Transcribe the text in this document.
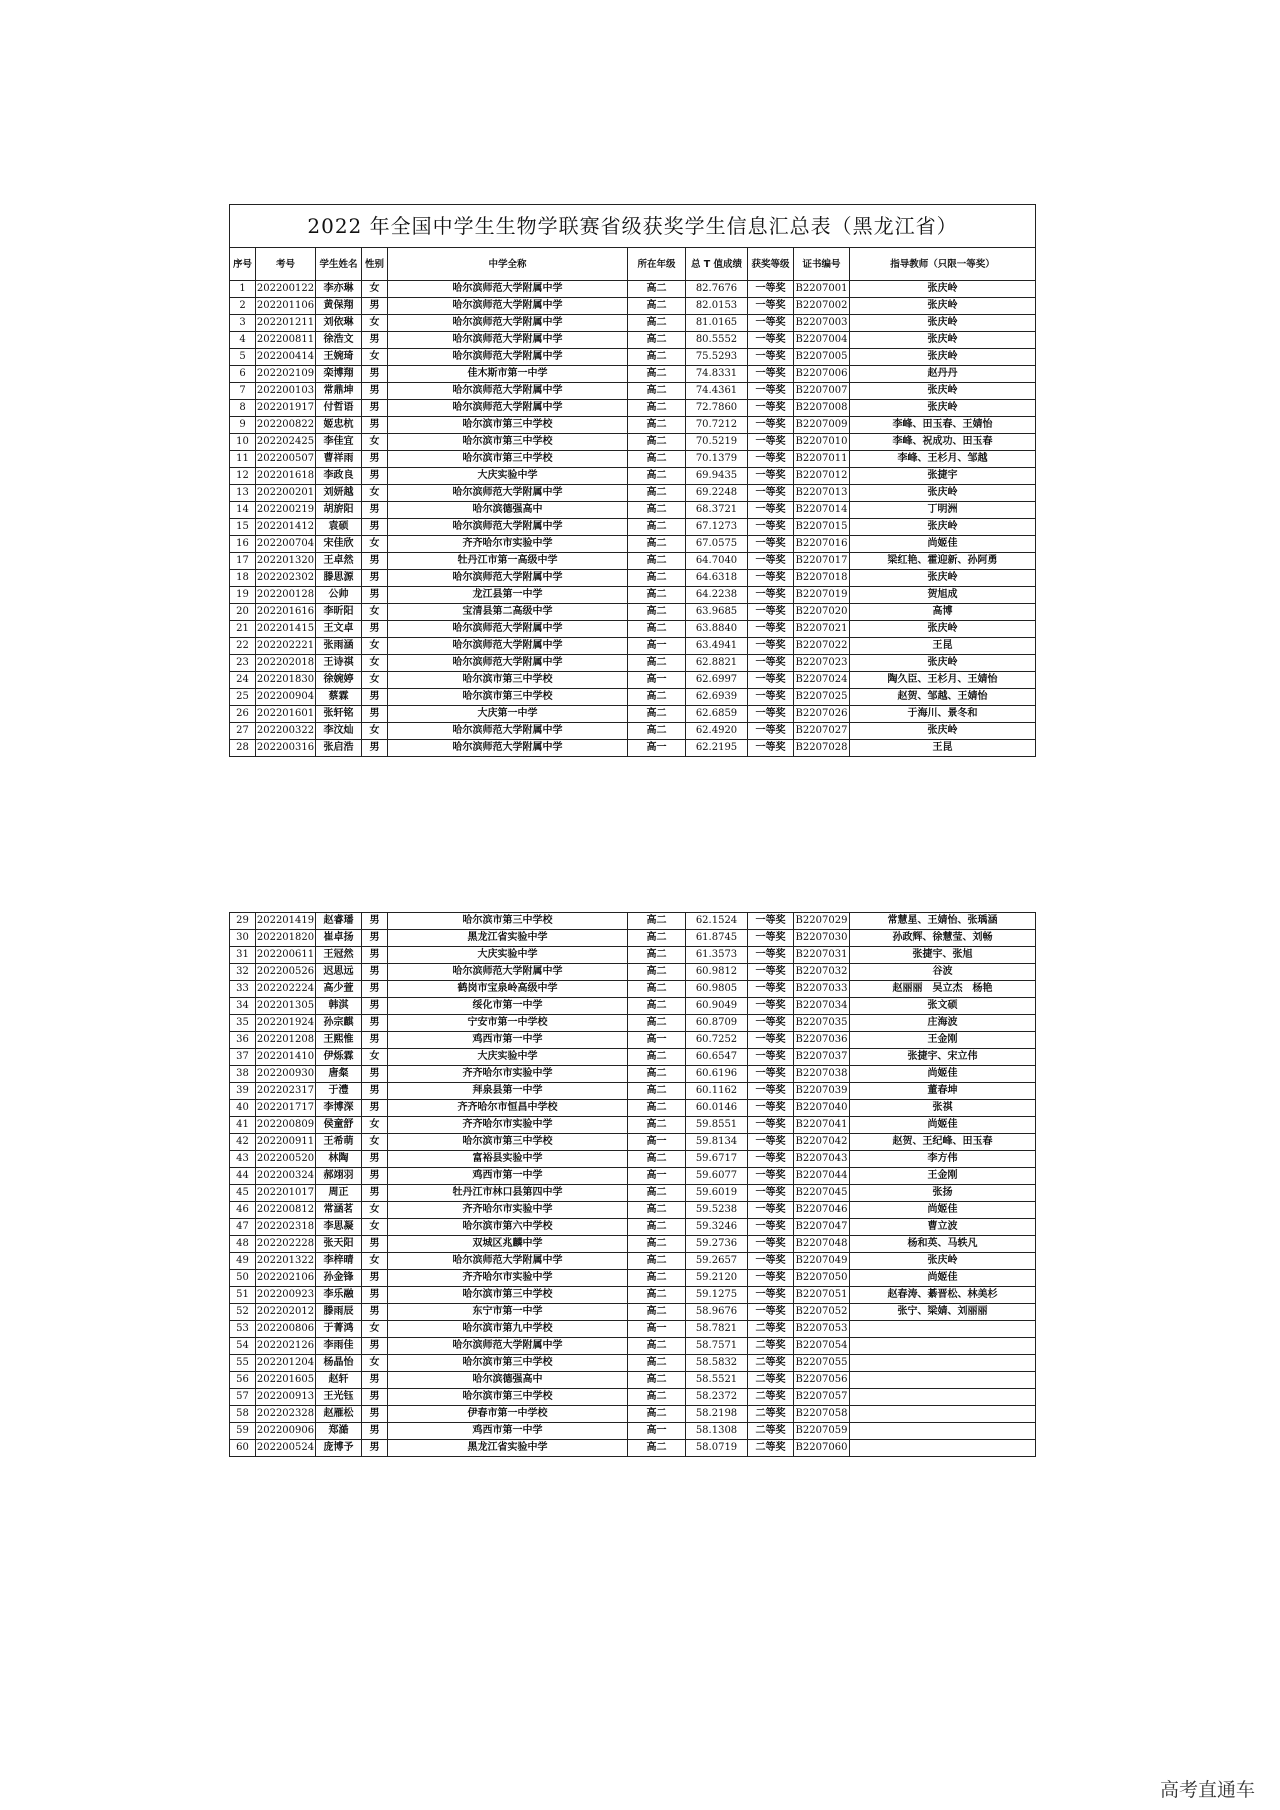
2022 年全国中学生生物学联赛省级获奖学生信息汇总表（黑龙江省）									
序号	考号	学生姓名	性别	中学全称	所在年级	总 T 值成绩	获奖等级	证书编号	指导教师（只限一等奖）
1	202200122	李亦琳	女	哈尔滨师范大学附属中学	高二	82.7676	一等奖	B2207001	张庆岭
2	202201106	黄保翔	男	哈尔滨师范大学附属中学	高二	82.0153	一等奖	B2207002	张庆岭
3	202201211	刘依琳	女	哈尔滨师范大学附属中学	高二	81.0165	一等奖	B2207003	张庆岭
4	202200811	徐浩文	男	哈尔滨师范大学附属中学	高二	80.5552	一等奖	B2207004	张庆岭
5	202200414	王婉琦	女	哈尔滨师范大学附属中学	高二	75.5293	一等奖	B2207005	张庆岭
6	202202109	栾博翔	男	佳木斯市第一中学	高二	74.8331	一等奖	B2207006	赵丹丹
7	202200103	常鼎坤	男	哈尔滨师范大学附属中学	高二	74.4361	一等奖	B2207007	张庆岭
8	202201917	付哲语	男	哈尔滨师范大学附属中学	高二	72.7860	一等奖	B2207008	张庆岭
9	202200822	姬忠杭	男	哈尔滨市第三中学校	高二	70.7212	一等奖	B2207009	李峰、田玉春、王婧怡
10	202202425	李佳宜	女	哈尔滨市第三中学校	高二	70.5219	一等奖	B2207010	李峰、祝成功、田玉春
11	202200507	曹祥雨	男	哈尔滨市第三中学校	高二	70.1379	一等奖	B2207011	李峰、王杉月、邹越
12	202201618	李政良	男	大庆实验中学	高二	69.9435	一等奖	B2207012	张捷宇
13	202200201	刘妍越	女	哈尔滨师范大学附属中学	高二	69.2248	一等奖	B2207013	张庆岭
14	202200219	胡旂阳	男	哈尔滨德强高中	高二	68.3721	一等奖	B2207014	丁明洲
15	202201412	袁硕	男	哈尔滨师范大学附属中学	高二	67.1273	一等奖	B2207015	张庆岭
16	202200704	宋佳欣	女	齐齐哈尔市实验中学	高二	67.0575	一等奖	B2207016	尚姬佳
17	202201320	王卓然	男	牡丹江市第一高级中学	高二	64.7040	一等奖	B2207017	梁红艳、霍迎新、孙阿勇
18	202202302	滕思源	男	哈尔滨师范大学附属中学	高二	64.6318	一等奖	B2207018	张庆岭
19	202200128	公帅	男	龙江县第一中学	高二	64.2238	一等奖	B2207019	贺旭成
20	202201616	李昕阳	女	宝清县第二高级中学	高二	63.9685	一等奖	B2207020	高博
21	202201415	王文卓	男	哈尔滨师范大学附属中学	高二	63.8840	一等奖	B2207021	张庆岭
22	202202221	张雨涵	女	哈尔滨师范大学附属中学	高一	63.4941	一等奖	B2207022	王昆
23	202202018	王诗祺	女	哈尔滨师范大学附属中学	高二	62.8821	一等奖	B2207023	张庆岭
24	202201830	徐婉婷	女	哈尔滨市第三中学校	高一	62.6997	一等奖	B2207024	陶久臣、王杉月、王婧怡
25	202200904	蔡霖	男	哈尔滨市第三中学校	高二	62.6939	一等奖	B2207025	赵贺、邹越、王婧怡
26	202201601	张轩铭	男	大庆第一中学	高二	62.6859	一等奖	B2207026	于海川、景冬和
27	202200322	李汶灿	女	哈尔滨师范大学附属中学	高二	62.4920	一等奖	B2207027	张庆岭
28	202200316	张启浩	男	哈尔滨师范大学附属中学	高一	62.2195	一等奖	B2207028	王昆
29	202201419	赵睿璠	男	哈尔滨市第三中学校	高二	62.1524	一等奖	B2207029	常慧星、王婧怡、张瑀涵
30	202201820	崔卓扬	男	黑龙江省实验中学	高二	61.8745	一等奖	B2207030	孙政辉、徐慧莹、刘畅
31	202200611	王冠然	男	大庆实验中学	高二	61.3573	一等奖	B2207031	张捷宇、张旭
32	202200526	迟思远	男	哈尔滨师范大学附属中学	高二	60.9812	一等奖	B2207032	谷波
33	202202224	高少萱	男	鹤岗市宝泉岭高级中学	高二	60.9805	一等奖	B2207033	赵丽丽　吴立杰　杨艳
34	202201305	韩淇	男	绥化市第一中学	高二	60.9049	一等奖	B2207034	张文硕
35	202201924	孙宗麒	男	宁安市第一中学校	高二	60.8709	一等奖	B2207035	庄海波
36	202201208	王熙惟	男	鸡西市第一中学	高一	60.7252	一等奖	B2207036	王金刚
37	202201410	伊烁霖	女	大庆实验中学	高二	60.6547	一等奖	B2207037	张捷宇、宋立伟
38	202200930	唐粲	男	齐齐哈尔市实验中学	高二	60.6196	一等奖	B2207038	尚姬佳
39	202202317	于澧	男	拜泉县第一中学	高二	60.1162	一等奖	B2207039	董春坤
40	202201717	李博深	男	齐齐哈尔市恒昌中学校	高二	60.0146	一等奖	B2207040	张祺
41	202200809	侯童舒	女	齐齐哈尔市实验中学	高二	59.8551	一等奖	B2207041	尚姬佳
42	202200911	王希萌	女	哈尔滨市第三中学校	高一	59.8134	一等奖	B2207042	赵贺、王纪峰、田玉春
43	202200520	林陶	男	富裕县实验中学	高二	59.6717	一等奖	B2207043	李方伟
44	202200324	郝翊羽	男	鸡西市第一中学	高一	59.6077	一等奖	B2207044	王金刚
45	202201017	周正	男	牡丹江市林口县第四中学	高二	59.6019	一等奖	B2207045	张扬
46	202200812	常涵茗	女	齐齐哈尔市实验中学	高二	59.5238	一等奖	B2207046	尚姬佳
47	202202318	李思凝	女	哈尔滨市第六中学校	高二	59.3246	一等奖	B2207047	曹立波
48	202202228	张天阳	男	双城区兆麟中学	高二	59.2736	一等奖	B2207048	杨和英、马轶凡
49	202201322	李梓晴	女	哈尔滨师范大学附属中学	高二	59.2657	一等奖	B2207049	张庆岭
50	202202106	孙金锋	男	齐齐哈尔市实验中学	高二	59.2120	一等奖	B2207050	尚姬佳
51	202200923	李乐融	男	哈尔滨市第三中学校	高二	59.1275	一等奖	B2207051	赵春涛、綦晋松、林美杉
52	202202012	滕雨辰	男	东宁市第一中学	高二	58.9676	一等奖	B2207052	张宁、梁婧、刘丽丽
53	202200806	于菁鸿	女	哈尔滨市第九中学校	高一	58.7821	二等奖	B2207053	
54	202202126	李雨佳	男	哈尔滨师范大学附属中学	高二	58.7571	二等奖	B2207054	
55	202201204	杨晶怡	女	哈尔滨市第三中学校	高二	58.5832	二等奖	B2207055	
56	202201605	赵轩	男	哈尔滨德强高中	高二	58.5521	二等奖	B2207056	
57	202200913	王光钰	男	哈尔滨市第三中学校	高二	58.2372	二等奖	B2207057	
58	202202328	赵雁松	男	伊春市第一中学校	高二	58.2198	二等奖	B2207058	
59	202200906	郑澔	男	鸡西市第一中学	高一	58.1308	二等奖	B2207059	
60	202200524	庞博予	男	黑龙江省实验中学	高二	58.0719	二等奖	B2207060	
高考直通车
